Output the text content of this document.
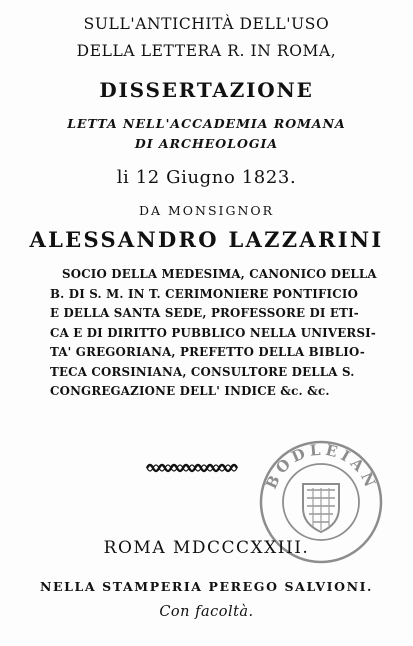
SULL'ANTICHITÀ DELL'USO
DELLA LETTERA R. IN ROMA,
DISSERTAZIONE
LETTA NELL'ACCADEMIA ROMANA
DI ARCHEOLOGIA
li 12 Giugno 1823.
DA MONSIGNOR
ALESSANDRO LAZZARINI
SOCIO DELLA MEDESIMA, CANONICO DELLA
B. DI S. M. IN T. CERIMONIERE PONTIFICIO
E DELLA SANTA SEDE, PROFESSORE DI ETI-
CA E DI DIRITTO PUBBLICO NELLA UNIVERSI-
TA' GREGORIANA, PREFETTO DELLA BIBLIO-
TECA CORSINIANA, CONSULTORE DELLA S.
CONGREGAZIONE DELL' INDICE &c. &c.
BODLEIAN
ROMA MDCCCXXIII.
NELLA STAMPERIA PEREGO SALVIONI.
Con facoltà.
